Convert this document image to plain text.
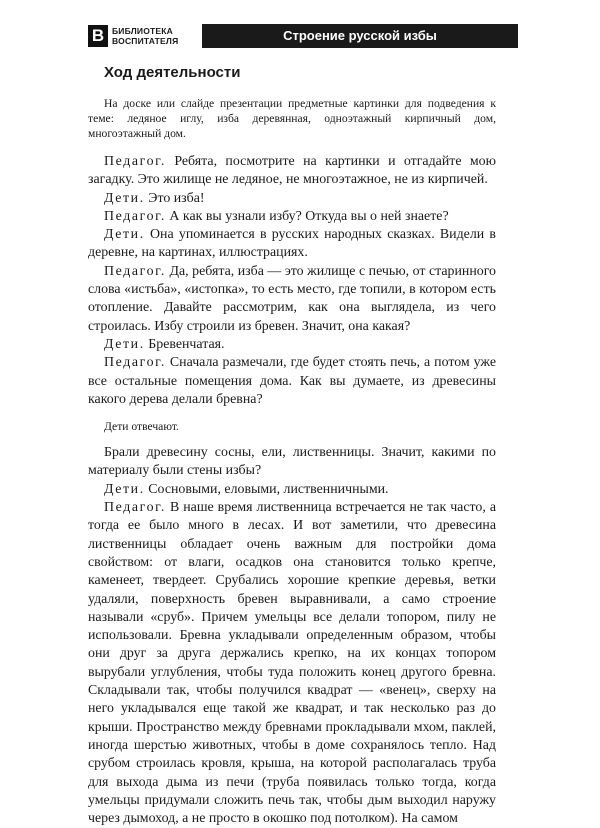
В БИБЛИОТЕКА
ВОСПИТАТЕЛЯ	Строение русской избы	5
Ход деятельности

На доске или слайде презентации предметные картинки для подведения к теме: ледяное иглу, изба деревянная, одноэтажный кирпичный дом, многоэтажный дом.

Педагог. Ребята, посмотрите на картинки и отгадайте мою загадку. Это жилище не ледяное, не многоэтажное, не из кирпичей.

Дети. Это изба!

Педагог. А как вы узнали избу? Откуда вы о ней знаете?

Дети. Она упоминается в русских народных сказках. Видели в деревне, на картинах, иллюстрациях.

Педагог. Да, ребята, изба — это жилище с печью, от старинного слова «истьба», «истопка», то есть место, где топили, в котором есть отопление. Давайте рассмотрим, как она выглядела, из чего строилась. Избу строили из бревен. Значит, она какая?

Дети. Бревенчатая.

Педагог. Сначала размечали, где будет стоять печь, а потом уже все остальные помещения дома. Как вы думаете, из древесины какого дерева делали бревна?

Дети отвечают.

Брали древесину сосны, ели, лиственницы. Значит, какими по материалу были стены избы?

Дети. Сосновыми, еловыми, лиственничными.

Педагог. В наше время лиственница встречается не так часто, а тогда ее было много в лесах. И вот заметили, что древесина лиственницы обладает очень важным для постройки дома свойством: от влаги, осадков она становится только крепче, каменеет, твердеет. Срубались хорошие крепкие деревья, ветки удаляли, поверхность бревен выравнивали, а само строение называли «сруб». Причем умельцы все делали топором, пилу не использовали. Бревна укладывали определенным образом, чтобы они друг за друга держались крепко, на их концах топором вырубали углубления, чтобы туда положить конец другого бревна. Складывали так, чтобы получился квадрат — «венец», сверху на него укладывался еще такой же квадрат, и так несколько раз до крыши. Пространство между бревнами прокладывали мхом, паклей, иногда шерстью животных, чтобы в доме сохранялось тепло. Над срубом строилась кровля, крыша, на которой располагалась труба для выхода дыма из печи (труба появилась только тогда, когда умельцы придумали сложить печь так, чтобы дым выходил наружу через дымоход, а не просто в окошко под потолком). На самом
